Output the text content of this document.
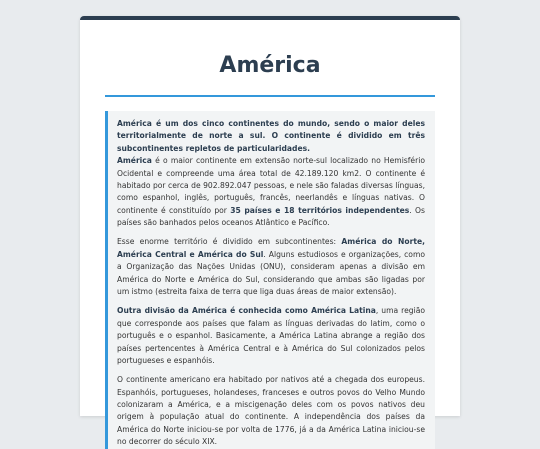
América

América é um dos cinco continentes do mundo, sendo o maior deles territorialmente de norte a sul. O continente é dividido em três subcontinentes repletos de particularidades.
América é o maior continente em extensão norte-sul localizado no Hemisfério Ocidental e compreende uma área total de 42.189.120 km2. O continente é habitado por cerca de 902.892.047 pessoas, e nele são faladas diversas línguas, como espanhol, inglês, português, francês, neerlandês e línguas nativas. O continente é constituído por 35 países e 18 territórios independentes. Os países são banhados pelos oceanos Atlântico e Pacífico.

Esse enorme território é dividido em subcontinentes: América do Norte, América Central e América do Sul. Alguns estudiosos e organizações, como a Organização das Nações Unidas (ONU), consideram apenas a divisão em América do Norte e América do Sul, considerando que ambas são ligadas por um istmo (estreita faixa de terra que liga duas áreas de maior extensão).

Outra divisão da América é conhecida como América Latina, uma região que corresponde aos países que falam as línguas derivadas do latim, como o português e o espanhol. Basicamente, a América Latina abrange a região dos países pertencentes à América Central e à América do Sul colonizados pelos portugueses e espanhóis.

O continente americano era habitado por nativos até a chegada dos europeus. Espanhóis, portugueses, holandeses, franceses e outros povos do Velho Mundo colonizaram a América, e a miscigenação deles com os povos nativos deu origem à população atual do continente. A independência dos países da América do Norte iniciou-se por volta de 1776, já a da América Latina iniciou-se no decorrer do século XIX.
